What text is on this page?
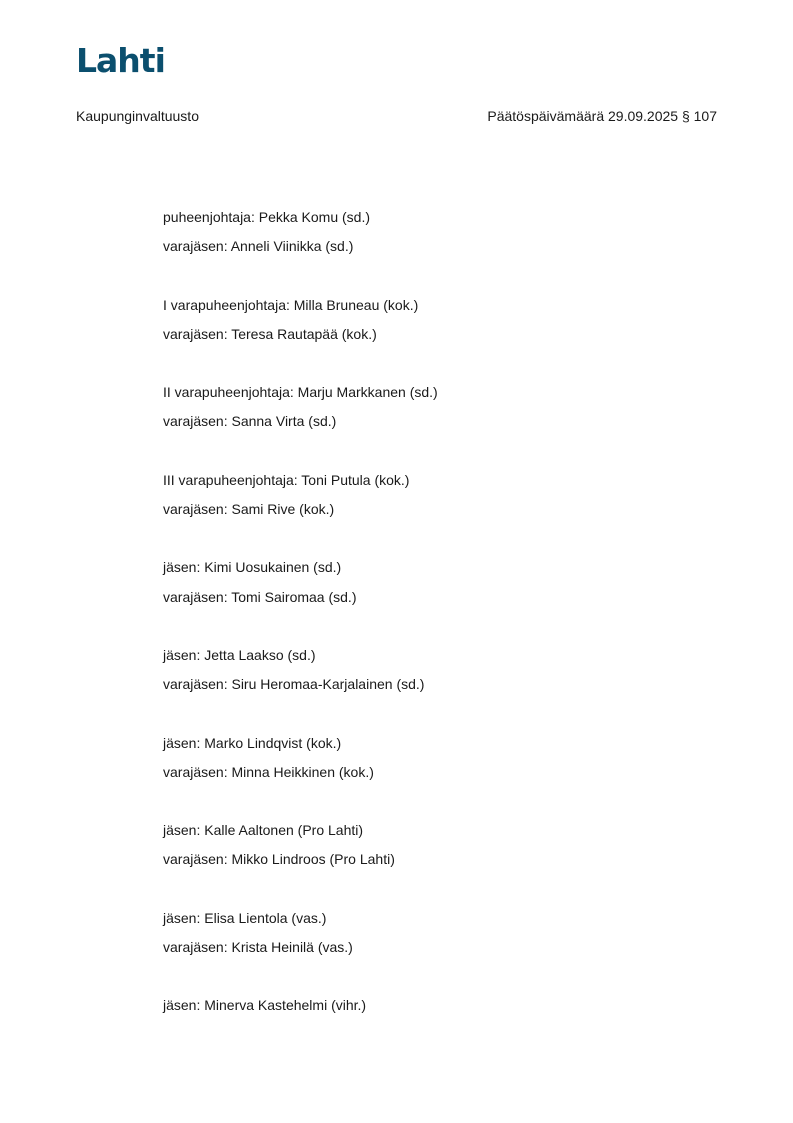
Lahti
Kaupunginvaltuusto	Päätöspäivämäärä 29.09.2025 § 107
puheenjohtaja: Pekka Komu (sd.)
varajäsen: Anneli Viinikka (sd.)
I varapuheenjohtaja: Milla Bruneau (kok.)
varajäsen: Teresa Rautapää (kok.)
II varapuheenjohtaja: Marju Markkanen (sd.)
varajäsen: Sanna Virta (sd.)
III varapuheenjohtaja: Toni Putula (kok.)
varajäsen: Sami Rive (kok.)
jäsen: Kimi Uosukainen (sd.)
varajäsen: Tomi Sairomaa (sd.)
jäsen: Jetta Laakso (sd.)
varajäsen: Siru Heromaa-Karjalainen (sd.)
jäsen: Marko Lindqvist (kok.)
varajäsen: Minna Heikkinen (kok.)
jäsen: Kalle Aaltonen (Pro Lahti)
varajäsen: Mikko Lindroos (Pro Lahti)
jäsen: Elisa Lientola (vas.)
varajäsen: Krista Heinilä (vas.)
jäsen: Minerva Kastehelmi (vihr.)
